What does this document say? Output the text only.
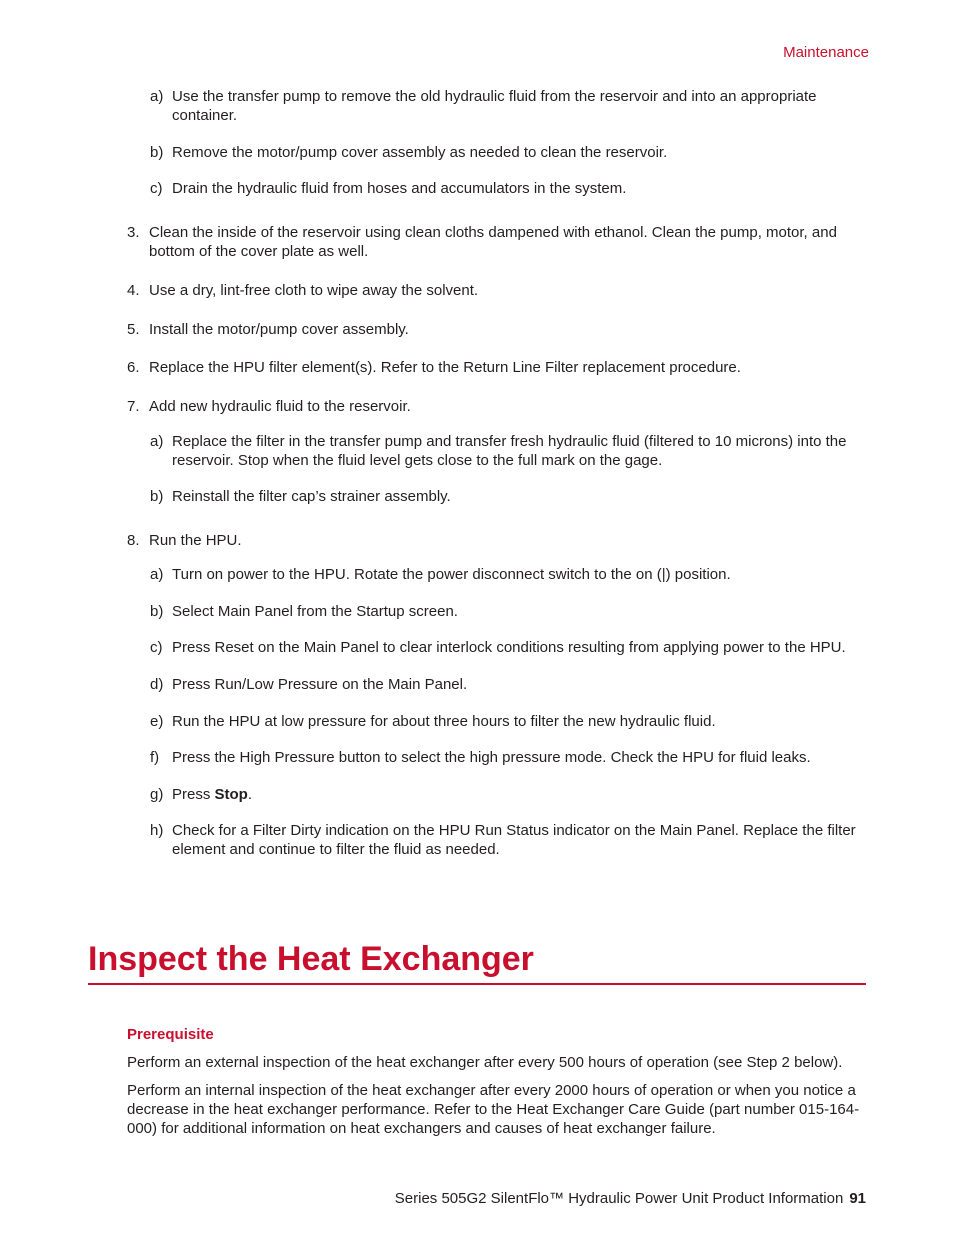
Maintenance
a) Use the transfer pump to remove the old hydraulic fluid from the reservoir and into an appropriate container.
b) Remove the motor/pump cover assembly as needed to clean the reservoir.
c) Drain the hydraulic fluid from hoses and accumulators in the system.
3. Clean the inside of the reservoir using clean cloths dampened with ethanol. Clean the pump, motor, and bottom of the cover plate as well.
4. Use a dry, lint-free cloth to wipe away the solvent.
5. Install the motor/pump cover assembly.
6. Replace the HPU filter element(s). Refer to the Return Line Filter replacement procedure.
7. Add new hydraulic fluid to the reservoir.
a) Replace the filter in the transfer pump and transfer fresh hydraulic fluid (filtered to 10 microns) into the reservoir. Stop when the fluid level gets close to the full mark on the gage.
b) Reinstall the filter cap’s strainer assembly.
8. Run the HPU.
a) Turn on power to the HPU. Rotate the power disconnect switch to the on (|) position.
b) Select Main Panel from the Startup screen.
c) Press Reset on the Main Panel to clear interlock conditions resulting from applying power to the HPU.
d) Press Run/Low Pressure on the Main Panel.
e) Run the HPU at low pressure for about three hours to filter the new hydraulic fluid.
f) Press the High Pressure button to select the high pressure mode. Check the HPU for fluid leaks.
g) Press Stop.
h) Check for a Filter Dirty indication on the HPU Run Status indicator on the Main Panel. Replace the filter element and continue to filter the fluid as needed.
Inspect the Heat Exchanger
Prerequisite
Perform an external inspection of the heat exchanger after every 500 hours of operation (see Step 2 below).
Perform an internal inspection of the heat exchanger after every 2000 hours of operation or when you notice a decrease in the heat exchanger performance. Refer to the Heat Exchanger Care Guide (part number 015-164-000) for additional information on heat exchangers and causes of heat exchanger failure.
Series 505G2 SilentFlo™ Hydraulic Power Unit Product Information 91
